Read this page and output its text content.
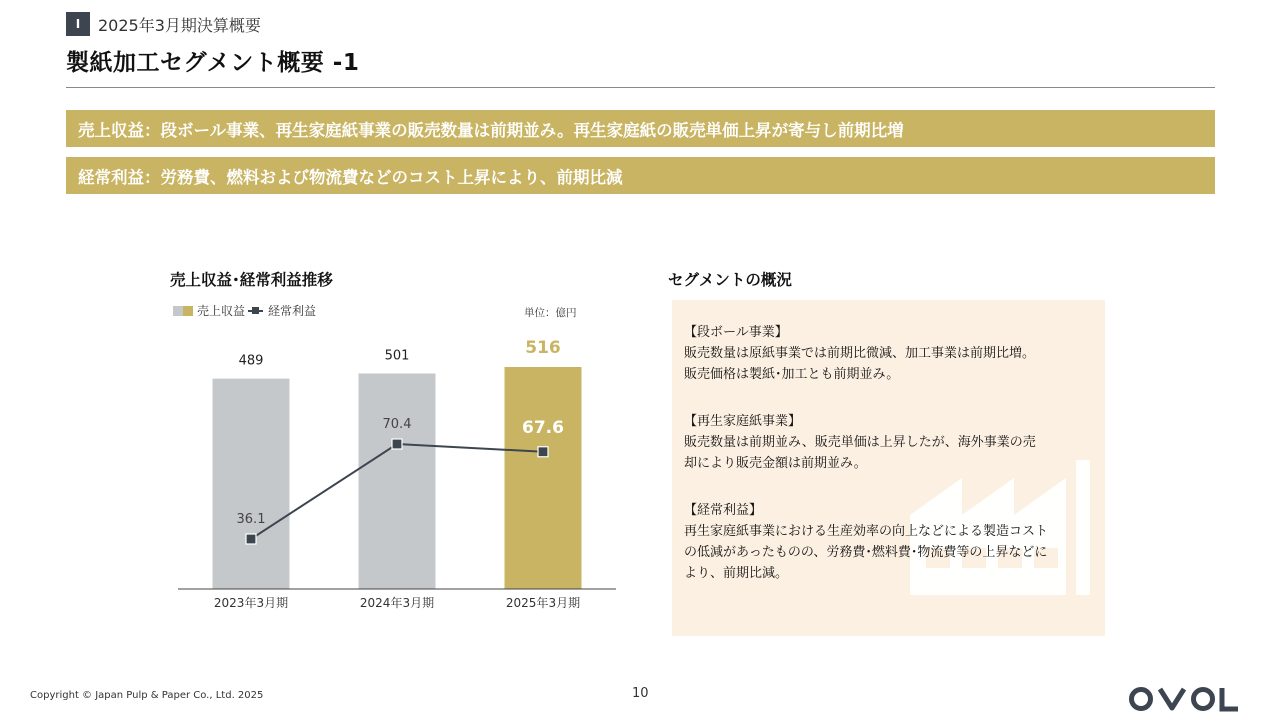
Ⅰ	2025年3月期決算概要
製紙加工セグメント概要 -1
売上収益：段ボール事業、再生家庭紙事業の販売数量は前期並み。再生家庭紙の販売単価上昇が寄与し前期比増
経常利益：労務費、燃料および物流費などのコスト上昇により、前期比減
売上収益･経常利益推移
売上収益 経常利益	単位：億円
489	501	516
2023年3月期	2024年3月期	2025年3月期
36.1
70.4	67.6
セグメントの概況
【段ボール事業】
販売数量は原紙事業では前期比微減、加工事業は前期比増。
販売価格は製紙･加工とも前期並み。
【再生家庭紙事業】
販売数量は前期並み、販売単価は上昇したが、海外事業の売
却により販売金額は前期並み。
【経常利益】
再生家庭紙事業における生産効率の向上などによる製造コスト
の低減があったものの、労務費･燃料費･物流費等の上昇などに
より、前期比減。
Copyright © Japan Pulp & Paper Co., Ltd. 2025	10
